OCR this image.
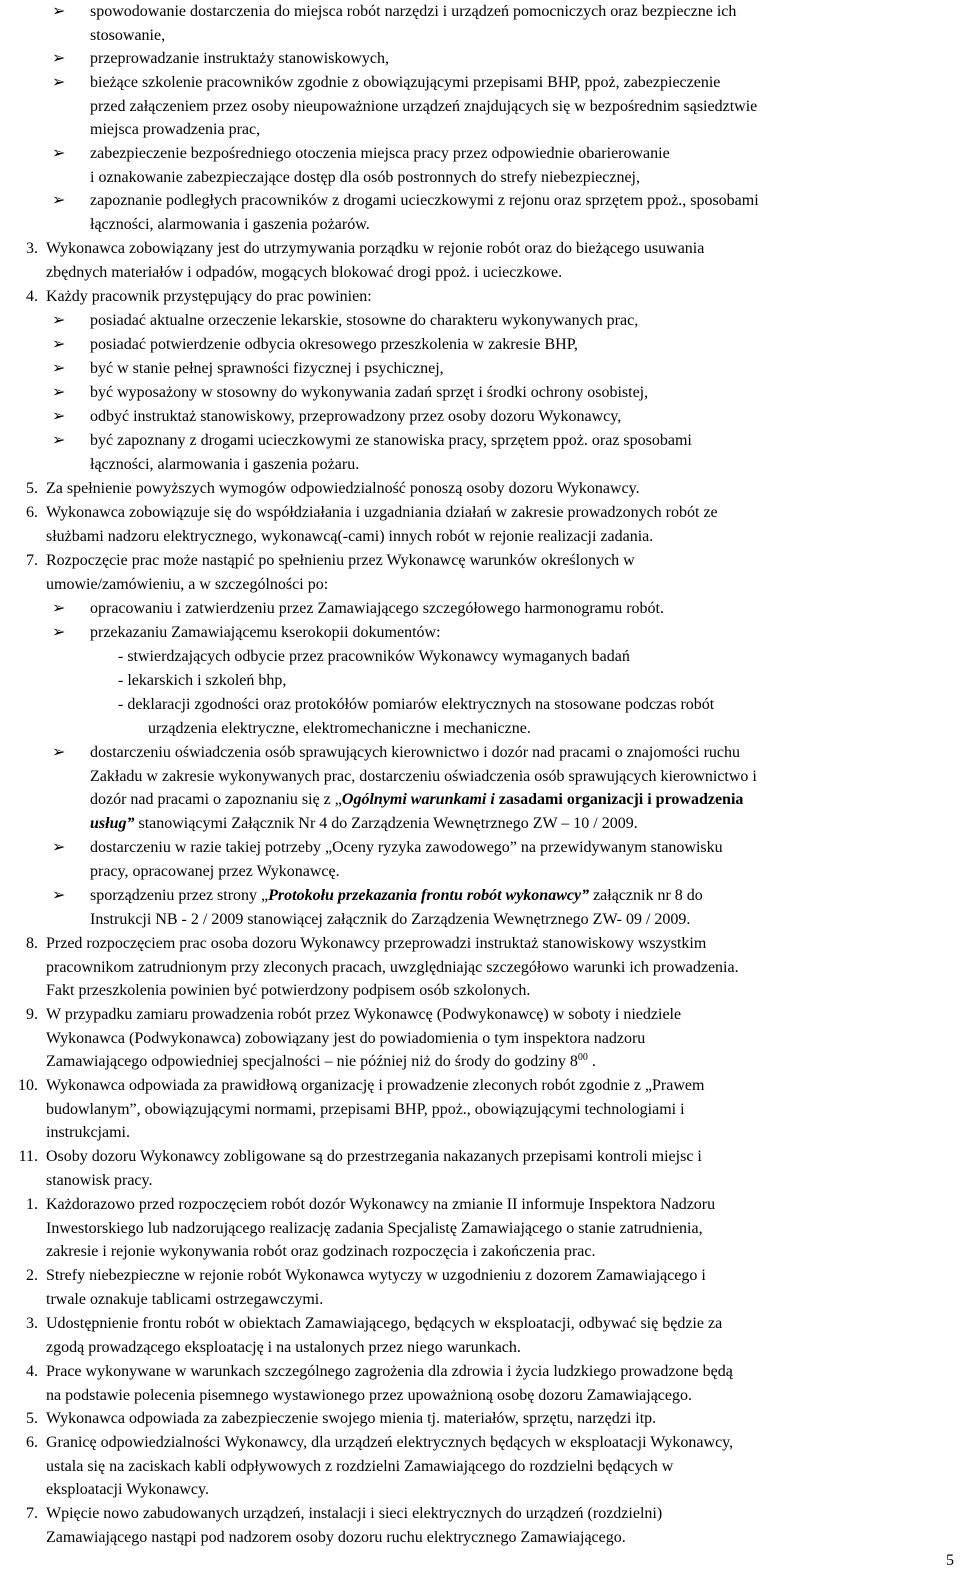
➢ spowodowanie dostarczenia do miejsca robót narzędzi i urządzeń pomocniczych oraz bezpieczne ich
stosowanie,
➢ przeprowadzanie instruktaży stanowiskowych,
➢ bieżące szkolenie pracowników zgodnie z obowiązującymi przepisami BHP, ppoż, zabezpieczenie
przed załączeniem przez osoby nieupoważnione urządzeń znajdujących się w bezpośrednim sąsiedztwie
miejsca prowadzenia prac,
➢ zabezpieczenie bezpośredniego otoczenia miejsca pracy przez odpowiednie obarierowanie
i oznakowanie zabezpieczające dostęp dla osób postronnych do strefy niebezpiecznej,
➢ zapoznanie podległych pracowników z drogami ucieczkowymi z rejonu oraz sprzętem ppoż., sposobami
łączności, alarmowania i gaszenia pożarów.
3. Wykonawca zobowiązany jest do utrzymywania porządku w rejonie robót oraz do bieżącego usuwania
zbędnych materiałów i odpadów, mogących blokować drogi ppoż. i ucieczkowe.
4. Każdy pracownik przystępujący do prac powinien:
➢ posiadać aktualne orzeczenie lekarskie, stosowne do charakteru wykonywanych prac,
➢ posiadać potwierdzenie odbycia okresowego przeszkolenia w zakresie BHP,
➢ być w stanie pełnej sprawności fizycznej i psychicznej,
➢ być wyposażony w stosowny do wykonywania zadań sprzęt i środki ochrony osobistej,
➢ odbyć instruktaż stanowiskowy, przeprowadzony przez osoby dozoru Wykonawcy,
➢ być zapoznany z drogami ucieczkowymi ze stanowiska pracy, sprzętem ppoż. oraz sposobami
łączności, alarmowania i gaszenia pożaru.
5. Za spełnienie powyższych wymogów odpowiedzialność ponoszą osoby dozoru Wykonawcy.
6. Wykonawca zobowiązuje się do współdziałania i uzgadniania działań w zakresie prowadzonych robót ze
służbami nadzoru elektrycznego, wykonawcą(-cami) innych robót w rejonie realizacji zadania.
7. Rozpoczęcie prac może nastąpić po spełnieniu przez Wykonawcę warunków określonych w
umowie/zamówieniu, a w szczególności po:
➢ opracowaniu i zatwierdzeniu przez Zamawiającego szczegółowego harmonogramu robót.
➢ przekazaniu Zamawiającemu kserokopii dokumentów:
- stwierdzających odbycie przez pracowników Wykonawcy wymaganych badań
- lekarskich i szkoleń bhp,
- deklaracji zgodności oraz protokółów pomiarów elektrycznych na stosowane podczas robót
urządzenia elektryczne, elektromechaniczne i mechaniczne.
➢ dostarczeniu oświadczenia osób sprawujących kierownictwo i dozór nad pracami o znajomości ruchu
Zakładu w zakresie wykonywanych prac, dostarczeniu oświadczenia osób sprawujących kierownictwo i
dozór nad pracami o zapoznaniu się z „Ogólnymi warunkami i zasadami organizacji i prowadzenia
usług” stanowiącymi Załącznik Nr 4 do Zarządzenia Wewnętrznego ZW – 10 / 2009.
➢ dostarczeniu w razie takiej potrzeby „Oceny ryzyka zawodowego” na przewidywanym stanowisku
pracy, opracowanej przez Wykonawcę.
➢ sporządzeniu przez strony „Protokołu przekazania frontu robót wykonawcy” załącznik nr 8 do
Instrukcji NB - 2 / 2009 stanowiącej załącznik do Zarządzenia Wewnętrznego ZW- 09 / 2009.
8. Przed rozpoczęciem prac osoba dozoru Wykonawcy przeprowadzi instruktaż stanowiskowy wszystkim
pracownikom zatrudnionym przy zleconych pracach, uwzględniając szczegółowo warunki ich prowadzenia.
Fakt przeszkolenia powinien być potwierdzony podpisem osób szkolonych.
9. W przypadku zamiaru prowadzenia robót przez Wykonawcę (Podwykonawcę) w soboty i niedziele
Wykonawca (Podwykonawca) zobowiązany jest do powiadomienia o tym inspektora nadzoru
Zamawiającego odpowiedniej specjalności – nie później niż do środy do godziny $8^{00}$ .
10. Wykonawca odpowiada za prawidłową organizację i prowadzenie zleconych robót zgodnie z „Prawem
budowlanym”, obowiązującymi normami, przepisami BHP, ppoż., obowiązującymi technologiami i
instrukcjami.
11. Osoby dozoru Wykonawcy zobligowane są do przestrzegania nakazanych przepisami kontroli miejsc i
stanowisk pracy.
1. Każdorazowo przed rozpoczęciem robót dozór Wykonawcy na zmianie II informuje Inspektora Nadzoru
Inwestorskiego lub nadzorującego realizację zadania Specjalistę Zamawiającego o stanie zatrudnienia,
zakresie i rejonie wykonywania robót oraz godzinach rozpoczęcia i zakończenia prac.
2. Strefy niebezpieczne w rejonie robót Wykonawca wytyczy w uzgodnieniu z dozorem Zamawiającego i
trwale oznakuje tablicami ostrzegawczymi.
3. Udostępnienie frontu robót w obiektach Zamawiającego, będących w eksploatacji, odbywać się będzie za
zgodą prowadzącego eksploatację i na ustalonych przez niego warunkach.
4. Prace wykonywane w warunkach szczególnego zagrożenia dla zdrowia i życia ludzkiego prowadzone będą
na podstawie polecenia pisemnego wystawionego przez upoważnioną osobę dozoru Zamawiającego.
5. Wykonawca odpowiada za zabezpieczenie swojego mienia tj. materiałów, sprzętu, narzędzi itp.
6. Granicę odpowiedzialności Wykonawcy, dla urządzeń elektrycznych będących w eksploatacji Wykonawcy,
ustala się na zaciskach kabli odpływowych z rozdzielni Zamawiającego do rozdzielni będących w
eksploatacji Wykonawcy.
7. Wpięcie nowo zabudowanych urządzeń, instalacji i sieci elektrycznych do urządzeń (rozdzielni)
Zamawiającego nastąpi pod nadzorem osoby dozoru ruchu elektrycznego Zamawiającego.
5
